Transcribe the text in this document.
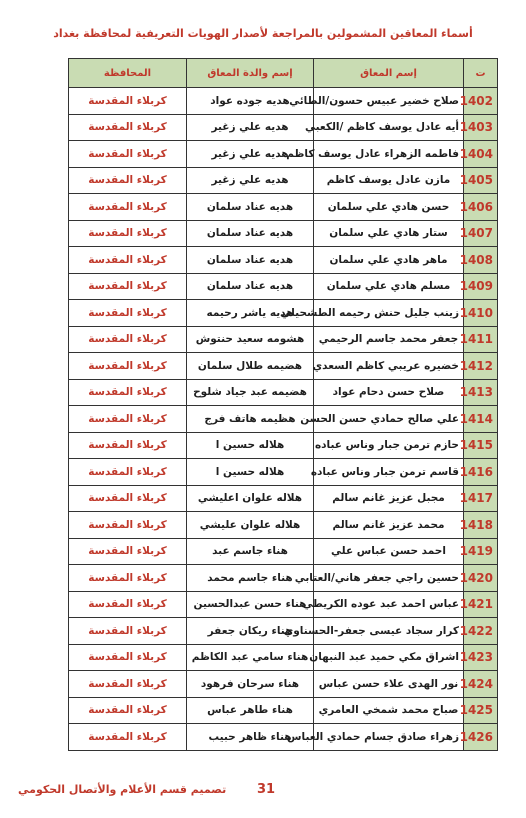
أسماء المعاقين المشمولين بالمراجعة لأصدار الهويات التعريفية لمحافظة بغداد
ت	إسم المعاق	إسم والدة المعاق	المحافظة
1402	صلاح خضير عبيس حسون/الطائي	هديه جوده عواد	كربلاء المقدسة
1403	أيه عادل يوسف كاظم /الكعبي	هديه علي زغير	كربلاء المقدسة
1404	فاطمه الزهراء عادل يوسف كاظم	هديه علي زغير	كربلاء المقدسة
1405	مازن عادل يوسف كاظم	هديه علي زغير	كربلاء المقدسة
1406	حسن هادي علي سلمان	هديه عناد سلمان	كربلاء المقدسة
1407	ستار هادي علي سلمان	هديه عناد سلمان	كربلاء المقدسة
1408	ماهر هادي علي سلمان	هديه عناد سلمان	كربلاء المقدسة
1409	مسلم هادي علي سلمان	هديه عناد سلمان	كربلاء المقدسة
1410	زينب جليل حنش رحيمه الطشحيلي	هديه ياشر رحيمه	كربلاء المقدسة
1411	جعفر محمد جاسم الرحيمي	هشومه سعيد حنتوش	كربلاء المقدسة
1412	خضيره عريبي كاظم السعدي	هضيمه طلال سلمان	كربلاء المقدسة
1413	صلاح حسن دحام عواد	هضيمه عبد جياد شلوح	كربلاء المقدسة
1414	علي صالح حمادي حسن الحسن	هظيمه هاتف فرج	كربلاء المقدسة
1415	حازم ترمن جبار وناس عباده	هلاله حسين ا	كربلاء المقدسة
1416	قاسم ترمن جبار وناس عباده	هلاله حسين ا	كربلاء المقدسة
1417	مجبل عزيز غانم سالم	هلاله علوان اعليشي	كربلاء المقدسة
1418	محمد عزيز غانم سالم	هلاله علوان عليشي	كربلاء المقدسة
1419	احمد حسن عباس علي	هناء جاسم عبد	كربلاء المقدسة
1420	حسين راجي جعفر هاني/العتابي	هناء جاسم محمد	كربلاء المقدسة
1421	عباس احمد عبد عوده الكريطي	هناء حسن عبدالحسين	كربلاء المقدسة
1422	كرار سجاد عيسى جعفر-الحسناوي	هناء ريكان جعفر	كربلاء المقدسة
1423	اشراق مكي حميد عبد النبهان	هناء سامي عبد الكاظم	كربلاء المقدسة
1424	نور الهدى علاء حسن عباس	هناء سرحان فرهود	كربلاء المقدسة
1425	صباح محمد شمخي العامري	هناء طاهر عباس	كربلاء المقدسة
1426	زهراء صادق جسام حمادي العباس	هناء ظاهر حبيب	كربلاء المقدسة
31
تصميم قسم الأعلام والأتصال الحكومي
